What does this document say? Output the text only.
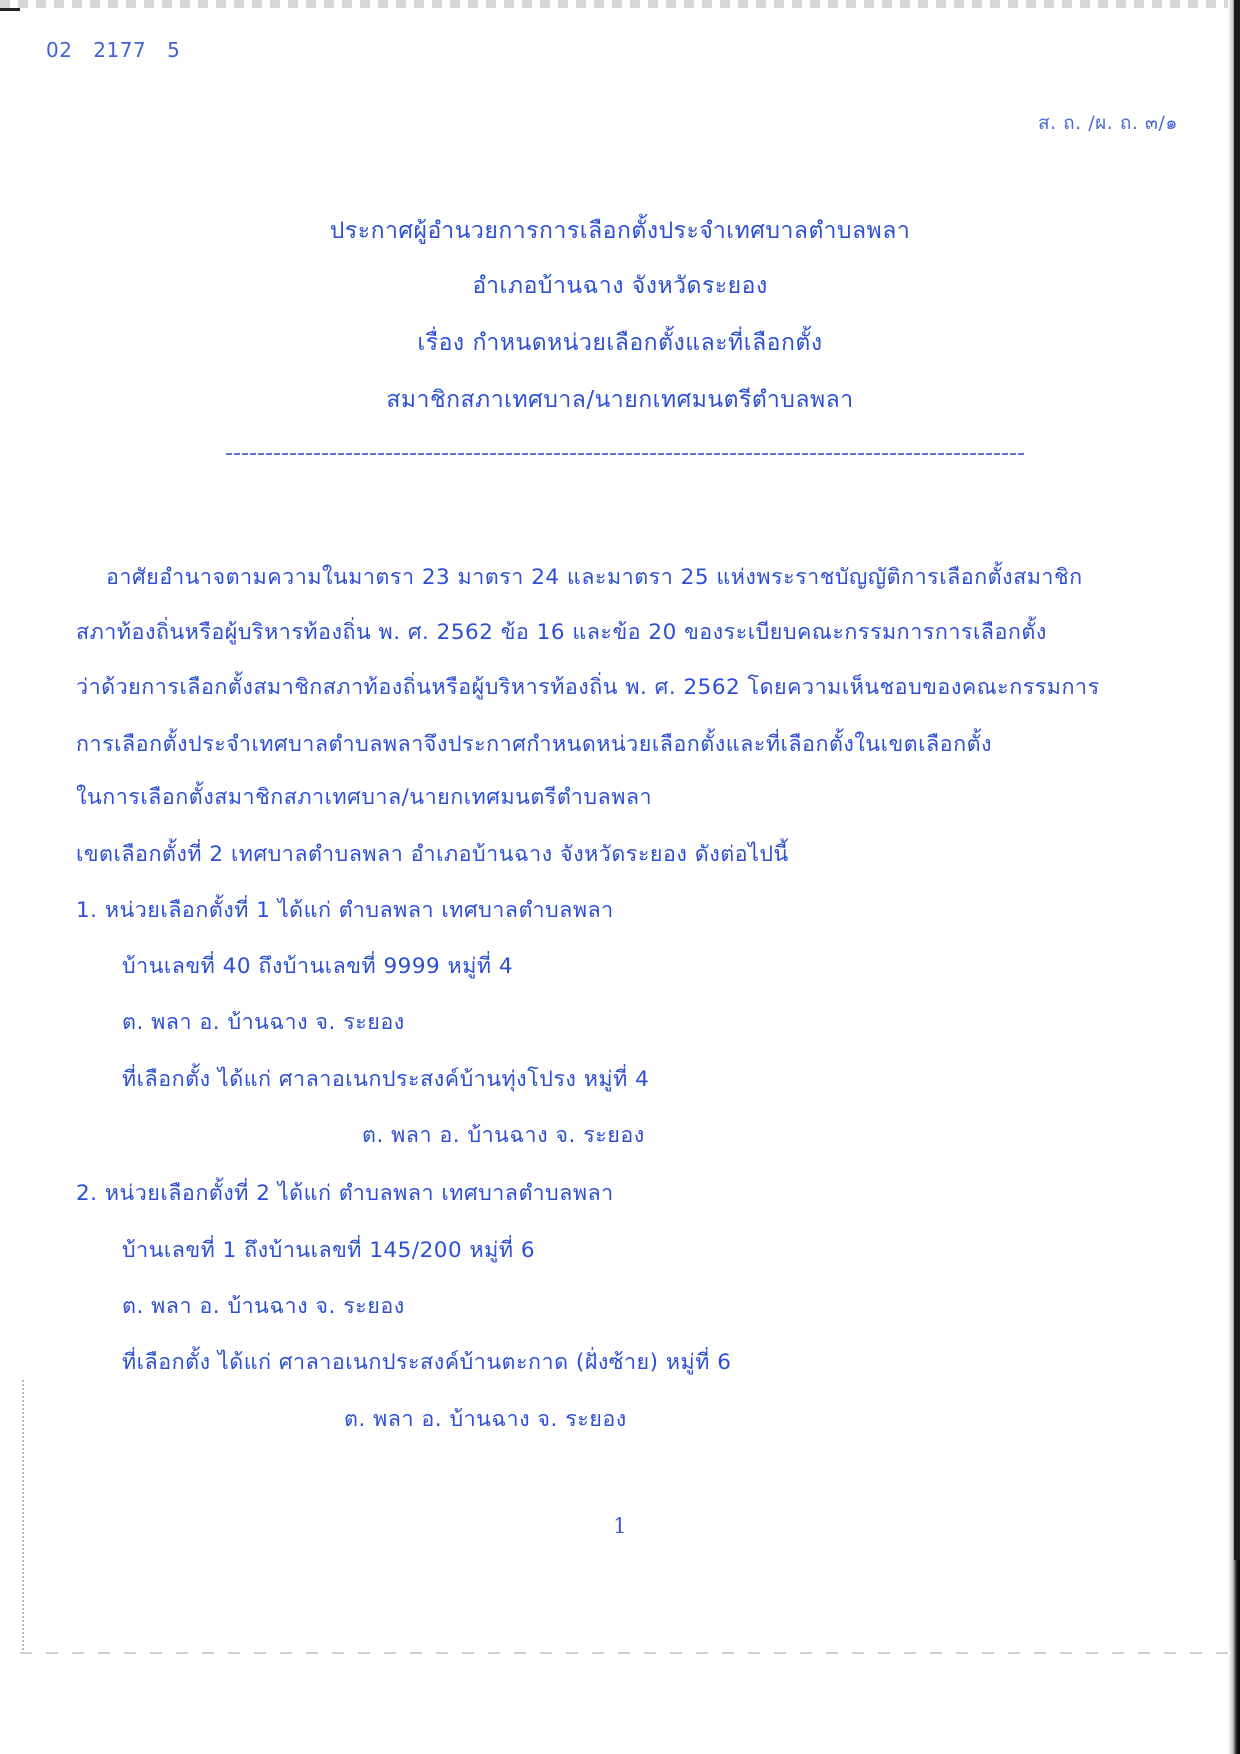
02 2177 5
ส. ถ. /ผ. ถ. ๓/๑
ประกาศผู้อำนวยการการเลือกตั้งประจำเทศบาลตำบลพลา
อำเภอบ้านฉาง จังหวัดระยอง
เรื่อง กำหนดหน่วยเลือกตั้งและที่เลือกตั้ง
สมาชิกสภาเทศบาล/นายกเทศมนตรีตำบลพลา
อาศัยอำนาจตามความในมาตรา 23 มาตรา 24 และมาตรา 25 แห่งพระราชบัญญัติการเลือกตั้งสมาชิก
สภาท้องถิ่นหรือผู้บริหารท้องถิ่น พ. ศ. 2562 ข้อ 16 และข้อ 20 ของระเบียบคณะกรรมการการเลือกตั้ง
ว่าด้วยการเลือกตั้งสมาชิกสภาท้องถิ่นหรือผู้บริหารท้องถิ่น พ. ศ. 2562 โดยความเห็นชอบของคณะกรรมการ
การเลือกตั้งประจำเทศบาลตำบลพลาจึงประกาศกำหนดหน่วยเลือกตั้งและที่เลือกตั้งในเขตเลือกตั้ง
ในการเลือกตั้งสมาชิกสภาเทศบาล/นายกเทศมนตรีตำบลพลา
เขตเลือกตั้งที่ 2 เทศบาลตำบลพลา อำเภอบ้านฉาง จังหวัดระยอง ดังต่อไปนี้
1. หน่วยเลือกตั้งที่ 1 ได้แก่ ตำบลพลา เทศบาลตำบลพลา
บ้านเลขที่ 40 ถึงบ้านเลขที่ 9999 หมู่ที่ 4
ต. พลา อ. บ้านฉาง จ. ระยอง
ที่เลือกตั้ง ได้แก่ ศาลาอเนกประสงค์บ้านทุ่งโปรง หมู่ที่ 4
ต. พลา อ. บ้านฉาง จ. ระยอง
2. หน่วยเลือกตั้งที่ 2 ได้แก่ ตำบลพลา เทศบาลตำบลพลา
บ้านเลขที่ 1 ถึงบ้านเลขที่ 145/200 หมู่ที่ 6
ต. พลา อ. บ้านฉาง จ. ระยอง
ที่เลือกตั้ง ได้แก่ ศาลาอเนกประสงค์บ้านตะกาด (ฝั่งซ้าย) หมู่ที่ 6
ต. พลา อ. บ้านฉาง จ. ระยอง
1
